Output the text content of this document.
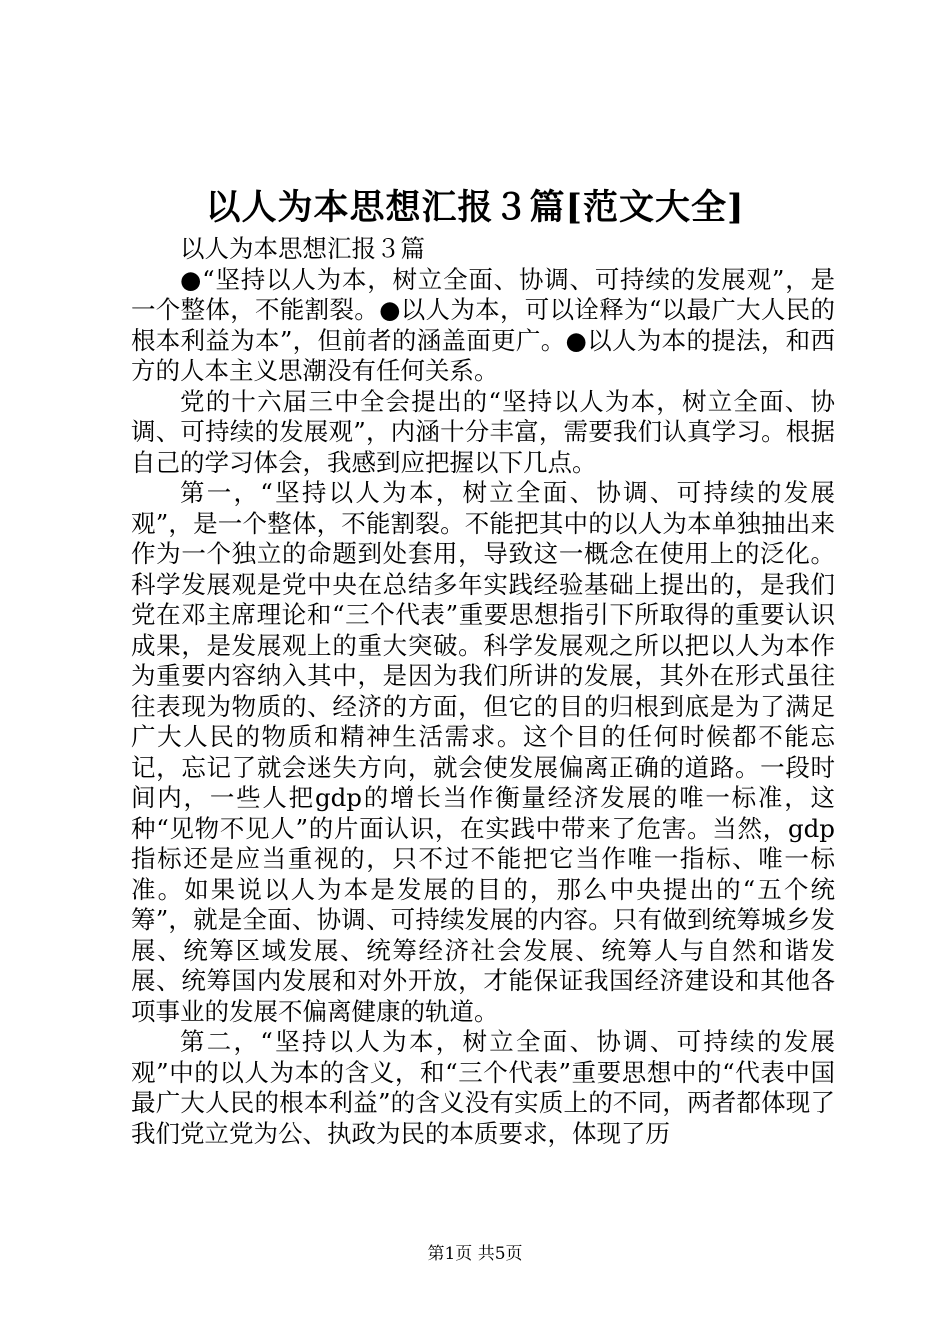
以人为本思想汇报３篇[范文大全]

以人为本思想汇报３篇

●“坚持以人为本，树立全面、协调、可持续的发展观”，是一个整体，不能割裂。●以人为本，可以诠释为“以最广大人民的根本利益为本”，但前者的涵盖面更广。●以人为本的提法，和西方的人本主义思潮没有任何关系。

党的十六届三中全会提出的“坚持以人为本，树立全面、协调、可持续的发展观”，内涵十分丰富，需要我们认真学习。根据自己的学习体会，我感到应把握以下几点。

第一，“坚持以人为本，树立全面、协调、可持续的发展观”，是一个整体，不能割裂。不能把其中的以人为本单独抽出来作为一个独立的命题到处套用，导致这一概念在使用上的泛化。科学发展观是党中央在总结多年实践经验基础上提出的，是我们党在邓主席理论和“三个代表”重要思想指引下所取得的重要认识成果，是发展观上的重大突破。科学发展观之所以把以人为本作为重要内容纳入其中，是因为我们所讲的发展，其外在形式虽往往表现为物质的、经济的方面，但它的目的归根到底是为了满足广大人民的物质和精神生活需求。这个目的任何时候都不能忘记，忘记了就会迷失方向，就会使发展偏离正确的道路。一段时间内，一些人把gdp的增长当作衡量经济发展的唯一标准，这种“见物不见人”的片面认识，在实践中带来了危害。当然，gdp指标还是应当重视的，只不过不能把它当作唯一指标、唯一标准。如果说以人为本是发展的目的，那么中央提出的“五个统筹”，就是全面、协调、可持续发展的内容。只有做到统筹城乡发展、统筹区域发展、统筹经济社会发展、统筹人与自然和谐发展、统筹国内发展和对外开放，才能保证我国经济建设和其他各项事业的发展不偏离健康的轨道。

第二，“坚持以人为本，树立全面、协调、可持续的发展观”中的以人为本的含义，和“三个代表”重要思想中的“代表中国最广大人民的根本利益”的含义没有实质上的不同，两者都体现了我们党立党为公、执政为民的本质要求，体现了历

第1页 共5页
